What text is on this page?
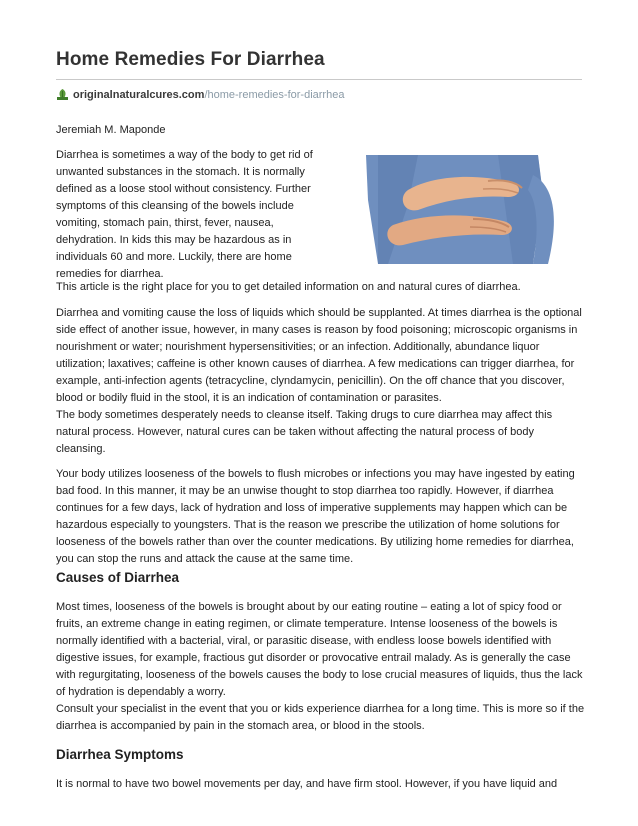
Home Remedies For Diarrhea
originalnaturalcures.com /home-remedies-for-diarrhea
Jeremiah M. Maponde

Diarrhea is sometimes a way of the body to get rid of unwanted substances in the stomach. It is normally defined as a loose stool without consistency. Further symptoms of this cleansing of the bowels include vomiting, stomach pain, thirst, fever, nausea, dehydration. In kids this may be hazardous as in individuals 60 and more. Luckily, there are home remedies for diarrhea.

This article is the right place for you to get detailed information on and natural cures of diarrhea.

Diarrhea and vomiting cause the loss of liquids which should be supplanted. At times diarrhea is the optional side effect of another issue, however, in many cases is reason by food poisoning; microscopic organisms in nourishment or water; nourishment hypersensitivities; or an infection. Additionally, abundance liquor utilization; laxatives; caffeine is other known causes of diarrhea. A few medications can trigger diarrhea, for example, anti-infection agents (tetracycline, clyndamycin, penicillin). On the off chance that you discover, blood or bodily fluid in the stool, it is an indication of contamination or parasites.

The body sometimes desperately needs to cleanse itself. Taking drugs to cure diarrhea may affect this natural process. However, natural cures can be taken without affecting the natural process of body cleansing.

Your body utilizes looseness of the bowels to flush microbes or infections you may have ingested by eating bad food. In this manner, it may be an unwise thought to stop diarrhea too rapidly. However, if diarrhea continues for a few days, lack of hydration and loss of imperative supplements may happen which can be hazardous especially to youngsters. That is the reason we prescribe the utilization of home solutions for looseness of the bowels rather than over the counter medications. By utilizing home remedies for diarrhea, you can stop the runs and attack the cause at the same time.

Causes of Diarrhea

Most times, looseness of the bowels is brought about by our eating routine – eating a lot of spicy food or fruits, an extreme change in eating regimen, or climate temperature. Intense looseness of the bowels is normally identified with a bacterial, viral, or parasitic disease, with endless loose bowels identified with digestive issues, for example, fractious gut disorder or provocative entrail malady. As is generally the case with regurgitating, looseness of the bowels causes the body to lose crucial measures of liquids, thus the lack of hydration is dependably a worry.

Consult your specialist in the event that you or kids experience diarrhea for a long time. This is more so if the diarrhea is accompanied by pain in the stomach area, or blood in the stools.

Diarrhea Symptoms

It is normal to have two bowel movements per day, and have firm stool. However, if you have liquid and
